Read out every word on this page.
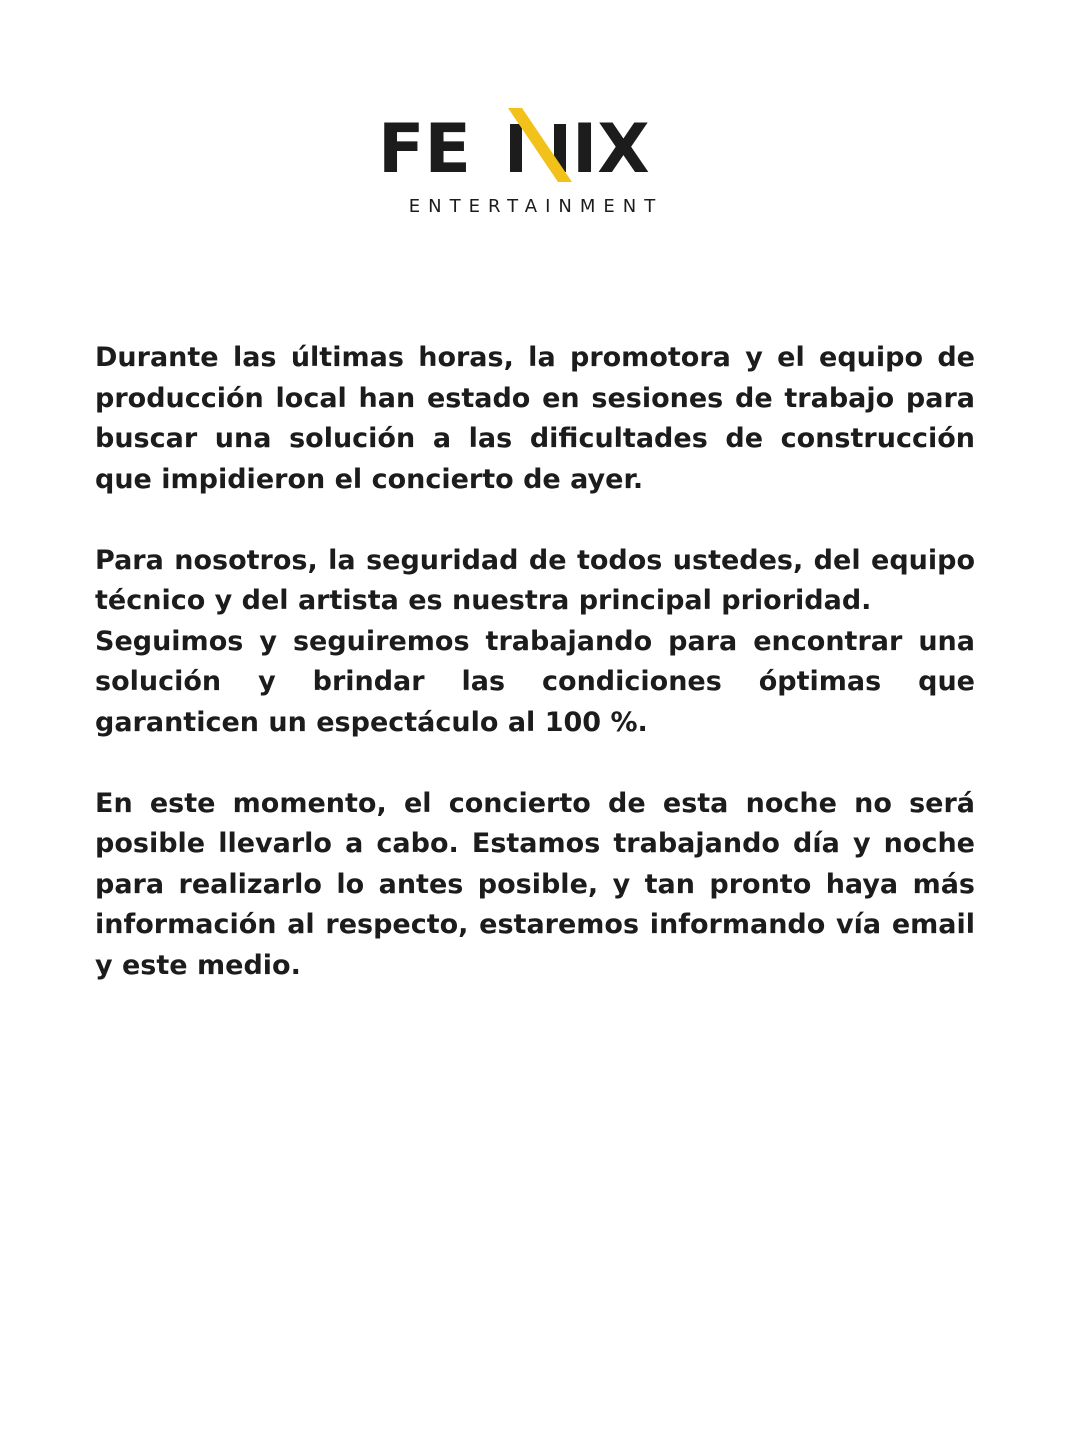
FE
N
IX
ENTERTAINMENT

Durante las últimas horas, la promotora y el equipo de producción local han estado en sesiones de trabajo para buscar una solución a las dificultades de construcción que impidieron el concierto de ayer.

Para nosotros, la seguridad de todos ustedes, del equipo técnico y del artista es nuestra principal prioridad.

Seguimos y seguiremos trabajando para encontrar una solución y brindar las condiciones óptimas que garanticen un espectáculo al 100 %.

En este momento, el concierto de esta noche no será posible llevarlo a cabo. Estamos trabajando día y noche para realizarlo lo antes posible, y tan pronto haya más información al respecto, estaremos informando vía email y este medio.
